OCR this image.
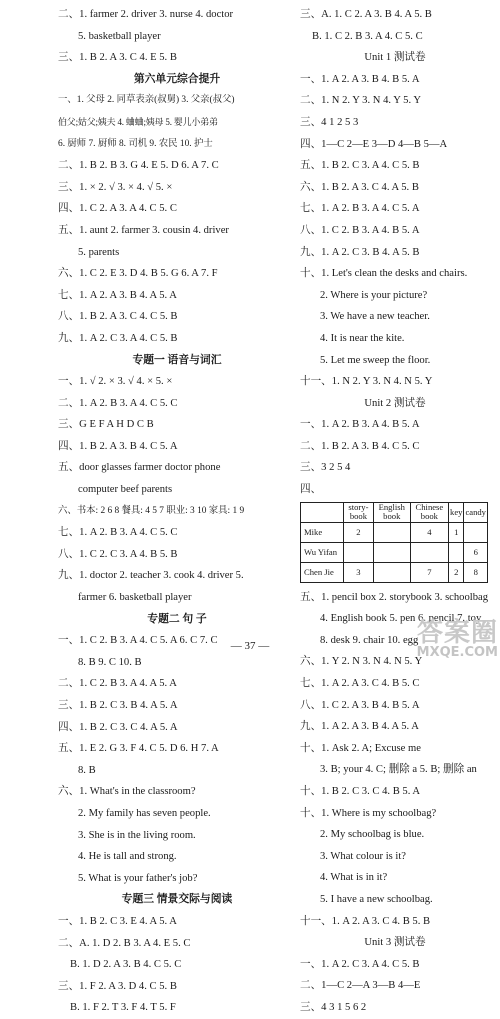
二、1. farmer 2. driver 3. nurse 4. doctor
5. basketball player
三、1. B 2. A 3. C 4. E 5. B
第六单元综合提升
一、1. 父母 2. 同草表亲(叔舅) 3. 父亲(叔父)
伯父;姑父;姨夫 4. 蛐蛐;姨母 5. 婴儿小弟弟
6. 厨师 7. 厨师 8. 司机 9. 农民 10. 护士
二、1. B 2. B 3. G 4. E 5. D 6. A 7. C
三、1. × 2. √ 3. × 4. √ 5. ×
四、1. C 2. A 3. A 4. C 5. C
五、1. aunt 2. farmer 3. cousin 4. driver
5. parents
六、1. C 2. E 3. D 4. B 5. G 6. A 7. F
七、1. A 2. A 3. B 4. A 5. A
八、1. B 2. A 3. C 4. C 5. B
九、1. A 2. C 3. A 4. C 5. B
专题一 语音与词汇
一、1. √ 2. × 3. √ 4. × 5. ×
二、1. A 2. B 3. A 4. C 5. C
三、G E F A H D C B
四、1. B 2. A 3. B 4. C 5. A
五、door glasses farmer doctor phone
computer beef parents
六、书本: 2 6 8 餐具: 4 5 7 职业: 3 10 家具: 1 9
七、1. A 2. B 3. A 4. C 5. C
八、1. C 2. C 3. A 4. B 5. B
九、1. doctor 2. teacher 3. cook 4. driver 5.
farmer 6. basketball player
专题二 句 子
一、1. C 2. B 3. A 4. C 5. A 6. C 7. C
8. B 9. C 10. B
二、1. C 2. B 3. A 4. A 5. A
三、1. B 2. C 3. B 4. A 5. A
四、1. B 2. C 3. C 4. A 5. A
五、1. E 2. G 3. F 4. C 5. D 6. H 7. A
8. B
六、1. What's in the classroom?
2. My family has seven people.
3. She is in the living room.
4. He is tall and strong.
5. What is your father's job?
专题三 情景交际与阅读
一、1. B 2. C 3. E 4. A 5. A
二、A. 1. D 2. B 3. A 4. E 5. C
B. 1. D 2. A 3. B 4. C 5. C
三、1. F 2. A 3. D 4. C 5. B
B. 1. F 2. T 3. F 4. T 5. F
三、A. 1. C 2. A 3. B 4. A 5. B
B. 1. C 2. B 3. A 4. C 5. C
Unit 1 测试卷
一、1. A 2. A 3. B 4. B 5. A
二、1. N 2. Y 3. N 4. Y 5. Y
三、4 1 2 5 3
四、1—C 2—E 3—D 4—B 5—A
五、1. B 2. C 3. A 4. C 5. B
六、1. B 2. A 3. C 4. A 5. B
七、1. A 2. B 3. A 4. C 5. A
八、1. C 2. B 3. A 4. B 5. A
九、1. A 2. C 3. B 4. A 5. B
十、1. Let's clean the desks and chairs.
2. Where is your picture?
3. We have a new teacher.
4. It is near the kite.
5. Let me sweep the floor.
十一、1. N 2. Y 3. N 4. N 5. Y
Unit 2 测试卷
一、1. A 2. B 3. A 4. B 5. A
二、1. B 2. A 3. B 4. C 5. C
三、3 2 5 4
四、
	story-book	English book	Chinese book	key	candy
Mike	2		4	1	
Wu Yifan					6
Chen Jie	3		7	2	8
五、1. pencil box 2. storybook 3. schoolbag
4. English book 5. pen 6. pencil 7. toy
8. desk 9. chair 10. egg
六、1. Y 2. N 3. N 4. N 5. Y
七、1. A 2. A 3. C 4. B 5. C
八、1. C 2. A 3. B 4. B 5. A
九、1. A 2. A 3. B 4. A 5. A
十、1. Ask 2. A; Excuse me
3. B; your 4. C; 删除 a 5. B; 删除 an
十、1. B 2. C 3. C 4. B 5. A
十、1. Where is my schoolbag?
2. My schoolbag is blue.
3. What colour is it?
4. What is in it?
5. I have a new schoolbag.
十一、1. A 2. A 3. C 4. B 5. B
Unit 3 测试卷
一、1. A 2. C 3. A 4. C 5. B
二、1—C 2—A 3—B 4—E
三、4 3 1 5 6 2
— 37 —	答案圈
MXQE.COM
